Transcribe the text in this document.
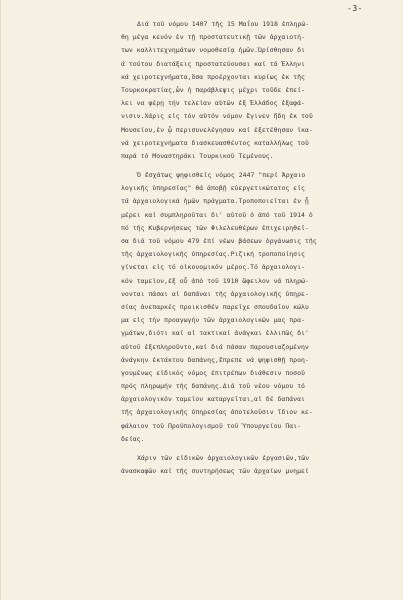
-3-
Διά τοῦ νόμου 1407 τῆς 15 Μαΐου 1918 ἐπληρώ-
θη μέγα κενόν ἐν τῇ προστατευτικῇ τῶν ἀρχαιοτή-
των καλλιτεχνημάτων νομοθεσίᾳ ἡμῶν.Ὡρίσθησαν δι
ά τούτου διατάξεις προστατεύουσαι καί τά Ἑλληνι
κά χειροτεχνήματα,ὅσα προέρχονται κυρίως ἐκ τῆς
Τουρκοκρατίας,ὧν ἡ παράβλεψις μέχρι τοῦδε ἐπεί-
λει να φέρῃ τήν τελείαν αὐτῶν ἐξ Ἑλλάδος ἐξαφά-
νισιν.Χάρις εἰς τόν αὐτόν νόμον ἔγινεν ἤδη ἐκ τοῦ
Μουσείου,ἐν ᾧ περισυνελέγησαν καί ἐξετέθησαν ἱκα-
νά χειροτεχνήματα διασκευασθέντος καταλλήλως τοῦ
παρά τό Μοναστηράκι Τουρκικοῦ Τεμένους.
Ὁ ἔσχάτως ψηφισθείς νόμος 2447 "περί Ἀρχαιο
λογικῆς ὑπηρεσίας" θά ἀποβῇ εὐεργετικώτατος εἰς
τά ἀρχαιολογικά ἡμῶν πράγματα.Τροποποιεῖται ἐν ᾗ
μέρει καί συμπληροῦται δι' αὐτοῦ ὁ ἀπό τοῦ 1914 ὁ
πό τῆς Κυβερνήσεως τῶν Φιλελευθέρων ἐπιχειρηθεῖ-
σα διά τοῦ νόμου 479 ἐπί νέων βάσεων ὀργάνωσις τῆς
τῆς ἀρχαιολογικῆς ὑπηρεσίας.Ριζική τροποποίησις
γίνεται εἰς τό οἰκονομικόν μέρος.Τό ἀρχαιολογι-
κόν ταμεῖον,ἐξ οὗ ἀπό τοῦ 1910 ὤφειλον νά πληρώ-
νονται πᾶσαι αἱ δαπάναι τῆς ἀρχαιολογικῆς ὑπηρε-
σίας ἀνεπαρκές προικισθέν παρεῖχε σπουδαῖον κώλυ
μα εἰς τήν προαγωγήν τῶν ἀρχαιολογικῶν μας πρα-
γμάτων,διότι καί αἱ τακτικαί ἀνάγκαι ἐλλιπῶς δι'
αὐτοῦ ἐξεπληροῦντο,καί διά πάσαν παρουσιαζομένην
ἀνάγκην ἐκτάκτου δαπάνης,ἔπρεπε νά ψηφισθῇ προη-
γουμένως εἰδικός νόμος ἐπιτρέπων διάθεσιν ποσοῦ
πρός πληρωμήν τῆς δαπάνης.Διά τοῦ νέου νόμου τό
ἀρχαιολογικόν ταμεῖον καταργεῖται,αἱ δέ δαπάναι
τῆς ἀρχαιολογικῆς ὑπηρεσίας ἀποτελοῦσιν ἴδιον κε-
φάλαιον τοῦ Προϋπολογισμοῦ τοῦ Ὑπουργείου Παι-
δείας.
Χάριν τῶν εἰδικῶν ἀρχαιολογικῶν ἐργασιῶν,τῶν
ἀνασκαφῶν καί τῆς συντηρήσεως τῶν ἀρχαίων μνημεί
